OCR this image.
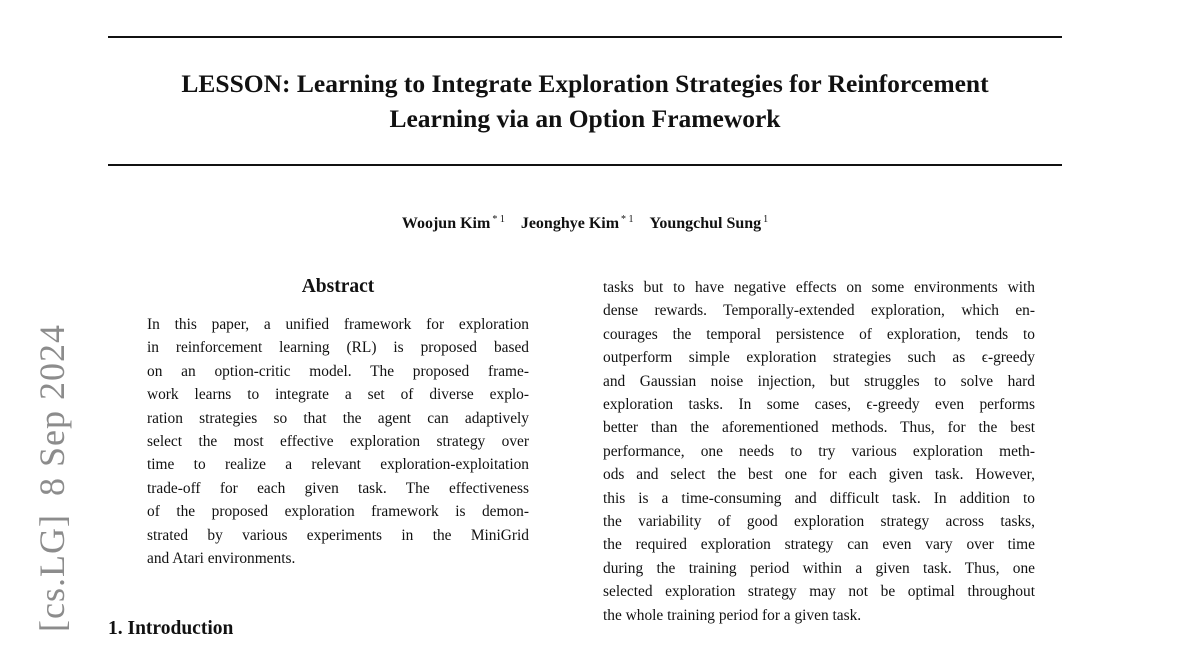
LESSON: Learning to Integrate Exploration Strategies for Reinforcement
Learning via an Option Framework
Woojun Kim $^{* 1}$ Jeonghye Kim $^{* 1}$ Youngchul Sung $^1$
[cs.LG]8 Sep 2024
Abstract
In this paper, a unified framework for exploration
in reinforcement learning (RL) is proposed based
on an option-critic model. The proposed frame-
work learns to integrate a set of diverse explo-
ration strategies so that the agent can adaptively
select the most effective exploration strategy over
time to realize a relevant exploration-exploitation
trade-off for each given task. The effectiveness
of the proposed exploration framework is demon-
strated by various experiments in the MiniGrid
and Atari environments.
1. Introduction
tasks but to have negative effects on some environments with
dense rewards. Temporally-extended exploration, which en-
courages the temporal persistence of exploration, tends to
outperform simple exploration strategies such as ϵ-greedy
and Gaussian noise injection, but struggles to solve hard
exploration tasks. In some cases, ϵ-greedy even performs
better than the aforementioned methods. Thus, for the best
performance, one needs to try various exploration meth-
ods and select the best one for each given task. However,
this is a time-consuming and difficult task. In addition to
the variability of good exploration strategy across tasks,
the required exploration strategy can even vary over time
during the training period within a given task. Thus, one
selected exploration strategy may not be optimal throughout
the whole training period for a given task.
